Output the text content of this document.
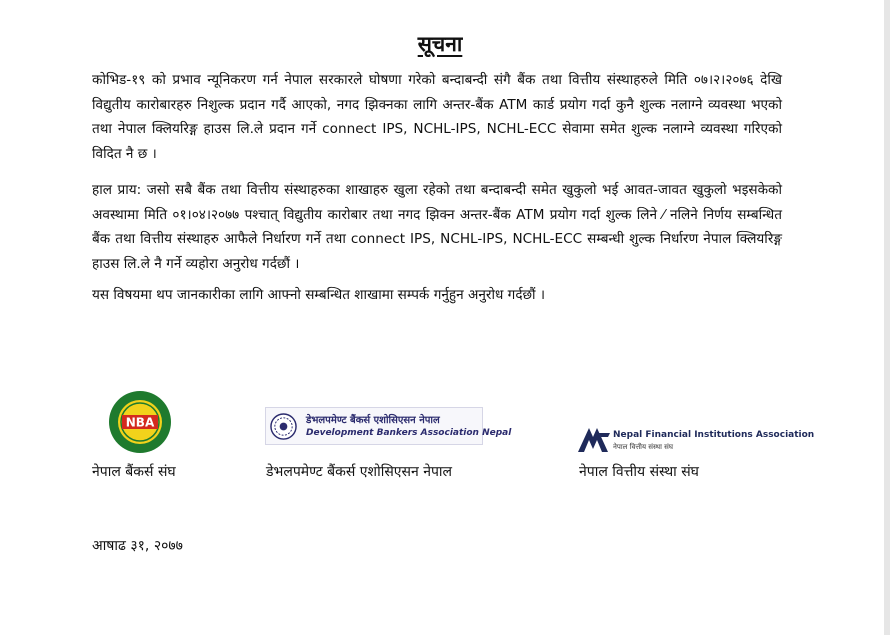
सूचना

कोभिड-१९ को प्रभाव न्यूनिकरण गर्न नेपाल सरकारले घोषणा गरेको बन्दाबन्दी संगै बैंक तथा वित्तीय संस्थाहरुले मिति ०७।२।२०७६ देखि विद्युतीय कारोबारहरु निशुल्क प्रदान गर्दै आएको, नगद झिक्नका लागि अन्तर-बैंक ATM कार्ड प्रयोग गर्दा कुनै शुल्क नलाग्ने व्यवस्था भएको तथा नेपाल क्लियरिङ्ग हाउस लि.ले प्रदान गर्ने connect IPS, NCHL-IPS, NCHL-ECC सेवामा समेत शुल्क नलाग्ने व्यवस्था गरिएको विदित नै छ ।

हाल प्राय: जसो सबै बैंक तथा वित्तीय संस्थाहरुका शाखाहरु खुला रहेको तथा बन्दाबन्दी समेत खुकुलो भई आवत-जावत खुकुलो भइसकेको अवस्थामा मिति ०१।०४।२०७७ पश्चात् विद्युतीय कारोबार तथा नगद झिक्न अन्तर-बैंक ATM प्रयोग गर्दा शुल्क लिने ⁄ नलिने निर्णय सम्बन्धित बैंक तथा वित्तीय संस्थाहरु आफैले निर्धारण गर्ने तथा connect IPS, NCHL-IPS, NCHL-ECC सम्बन्धी शुल्क निर्धारण नेपाल क्लियरिङ्ग हाउस लि.ले नै गर्ने व्यहोरा अनुरोध गर्दछौं ।

यस विषयमा थप जानकारीका लागि आफ्नो सम्बन्धित शाखामा सम्पर्क गर्नुहुन अनुरोध गर्दछौं ।

NBA	डेभलपमेण्ट बैंकर्स एशोसिएसन नेपाल
Development Bankers Association Nepal	Nepal Financial Institutions Association
नेपाल वित्तीय संस्था संघ
नेपाल बैंकर्स संघ	डेभलपमेण्ट बैंकर्स एशोसिएसन नेपाल	नेपाल वित्तीय संस्था संघ
आषाढ ३१, २०७७
